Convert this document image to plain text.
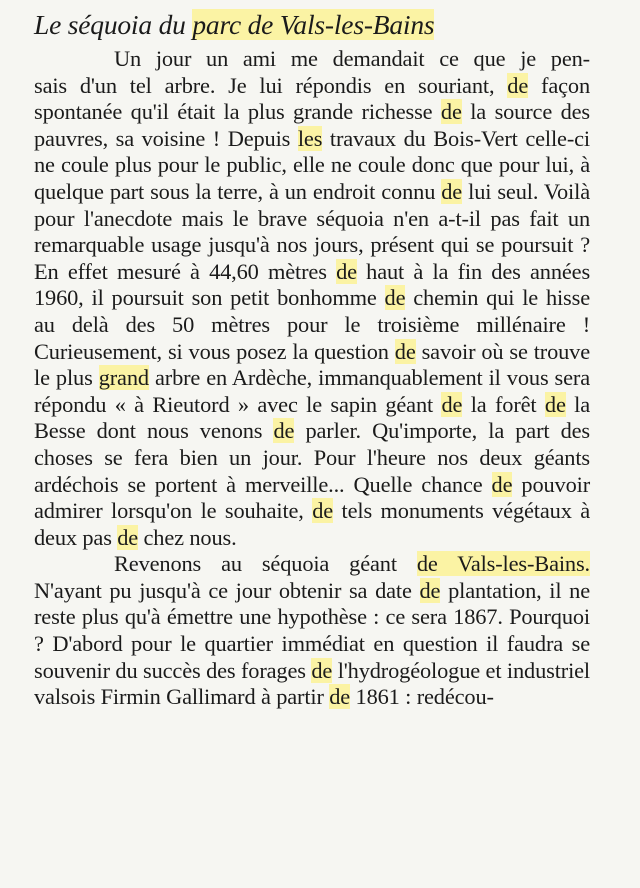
Le séquoia du parc de Vals-les-Bains

Un jour un ami me demandait ce que je pen-
sais d'un tel arbre. Je lui répondis en souriant, de façon spontanée qu'il était la plus grande richesse de la source des pauvres, sa voisine ! Depuis les travaux du Bois-Vert celle-ci ne coule plus pour le public, elle ne coule donc que pour lui, à quelque part sous la terre, à un endroit connu de lui seul. Voilà pour l'anecdote mais le brave séquoia n'en a-t-il pas fait un remarquable usage jusqu'à nos jours, présent qui se poursuit ? En effet mesuré à 44,60 mètres de haut à la fin des années 1960, il poursuit son petit bonhomme de chemin qui le hisse au delà des 50 mètres pour le troisième millénaire ! Curieusement, si vous posez la question de savoir où se trouve le plus grand arbre en Ardèche, immanquablement il vous sera répondu « à Rieutord » avec le sapin géant de la forêt de la Besse dont nous venons de parler. Qu'importe, la part des choses se fera bien un jour. Pour l'heure nos deux géants ardéchois se portent à merveille... Quelle chance de pouvoir admirer lorsqu'on le souhaite, de tels monuments végétaux à deux pas de chez nous.

Revenons au séquoia géant de Vals-les-Bains.
N'ayant pu jusqu'à ce jour obtenir sa date de plantation, il ne reste plus qu'à émettre une hypothèse : ce sera 1867. Pourquoi ? D'abord pour le quartier immédiat en question il faudra se souvenir du succès des forages de l'hydrogéologue et industriel valsois Firmin Gallimard à partir de 1861 : redécou-
